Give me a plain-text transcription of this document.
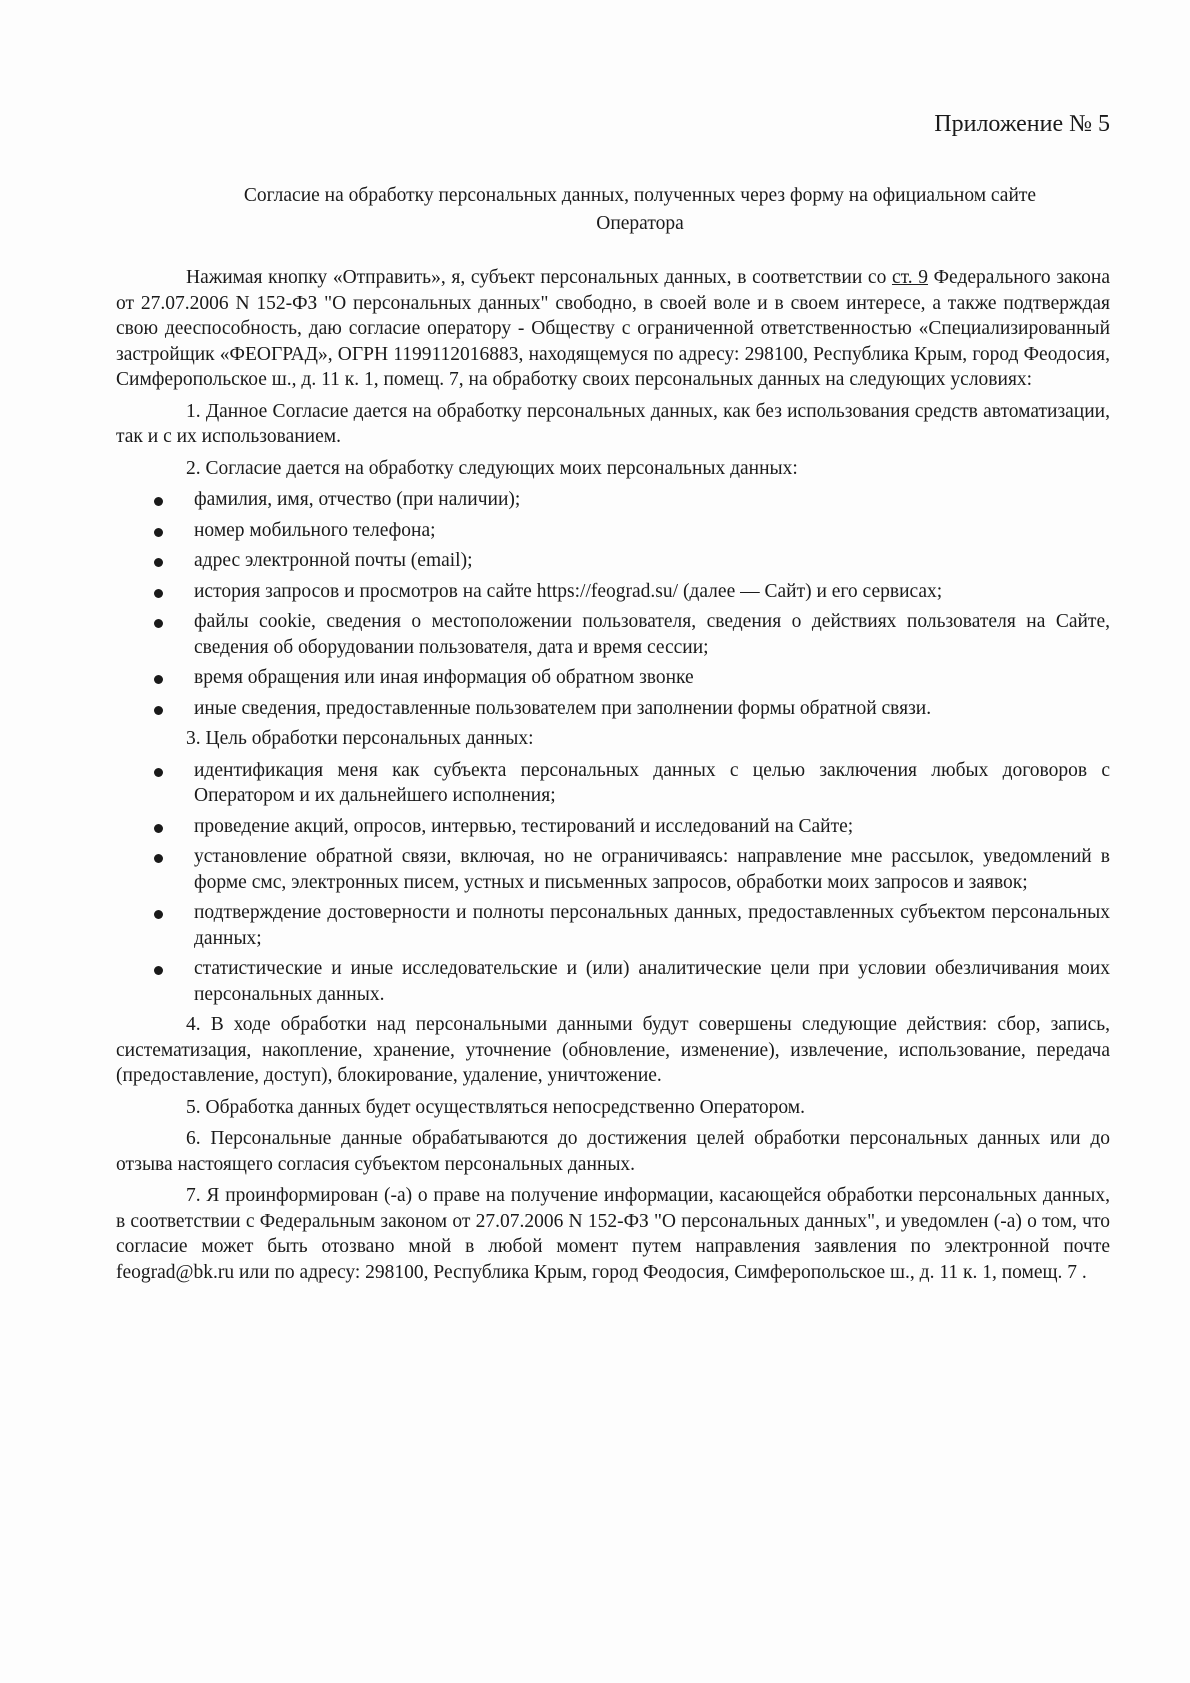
Приложение № 5
Согласие на обработку персональных данных, полученных через форму на официальном сайте
Оператора

Нажимая кнопку «Отправить», я, субъект персональных данных, в соответствии со ст. 9 Федерального закона от 27.07.2006 N 152-ФЗ "О персональных данных" свободно, в своей воле и в своем интересе, а также подтверждая свою дееспособность, даю согласие оператору - Обществу с ограниченной ответственностью «Специализированный застройщик «ФЕОГРАД», ОГРН 1199112016883, находящемуся по адресу: 298100, Республика Крым, город Феодосия, Симферопольское ш., д. 11 к. 1, помещ. 7, на обработку своих персональных данных на следующих условиях:

1. Данное Согласие дается на обработку персональных данных, как без использования средств автоматизации, так и с их использованием.

2. Согласие дается на обработку следующих моих персональных данных:

фамилия, имя, отчество (при наличии);
номер мобильного телефона;
адрес электронной почты (email);
история запросов и просмотров на сайте https://feograd.su/ (далее — Сайт) и его сервисах;
файлы cookie, сведения о местоположении пользователя, сведения о действиях пользователя на Сайте, сведения об оборудовании пользователя, дата и время сессии;
время обращения или иная информация об обратном звонке
иные сведения, предоставленные пользователем при заполнении формы обратной связи.

3. Цель обработки персональных данных:

идентификация меня как субъекта персональных данных с целью заключения любых договоров с Оператором и их дальнейшего исполнения;
проведение акций, опросов, интервью, тестирований и исследований на Сайте;
установление обратной связи, включая, но не ограничиваясь: направление мне рассылок, уведомлений в форме смс, электронных писем, устных и письменных запросов, обработки моих запросов и заявок;
подтверждение достоверности и полноты персональных данных, предоставленных субъектом персональных данных;
статистические и иные исследовательские и (или) аналитические цели при условии обезличивания моих персональных данных.

4. В ходе обработки над персональными данными будут совершены следующие действия: сбор, запись, систематизация, накопление, хранение, уточнение (обновление, изменение), извлечение, использование, передача (предоставление, доступ), блокирование, удаление, уничтожение.

5. Обработка данных будет осуществляться непосредственно Оператором.

6. Персональные данные обрабатываются до достижения целей обработки персональных данных или до отзыва настоящего согласия субъектом персональных данных.

7. Я проинформирован (-а) о праве на получение информации, касающейся обработки персональных данных, в соответствии с Федеральным законом от 27.07.2006 N 152-ФЗ "О персональных данных", и уведомлен (-а) о том, что согласие может быть отозвано мной в любой момент путем направления заявления по электронной почте feograd@bk.ru или по адресу: 298100, Республика Крым, город Феодосия, Симферопольское ш., д. 11 к. 1, помещ. 7 .
